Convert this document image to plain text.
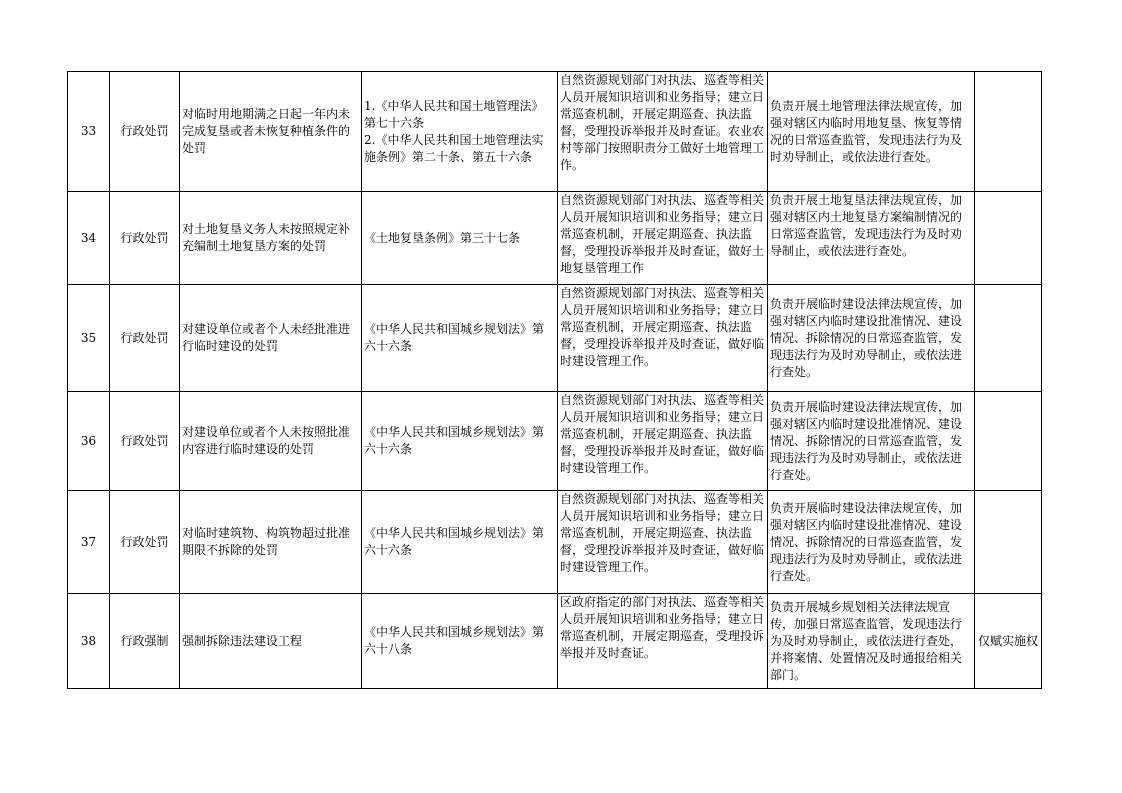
33	行政处罚	对临时用地期满之日起一年内未完成复垦或者未恢复种植条件的处罚	1.《中华人民共和国土地管理法》第七十六条
2.《中华人民共和国土地管理法实施条例》第二十条、第五十六条	自然资源规划部门对执法、巡查等相关人员开展知识培训和业务指导；建立日常巡查机制，开展定期巡查、执法监督，受理投诉举报并及时查证。农业农村等部门按照职责分工做好土地管理工作。	负责开展土地管理法律法规宣传，加强对辖区内临时用地复垦、恢复等情况的日常巡查监管，发现违法行为及时劝导制止，或依法进行查处。	
34	行政处罚	对土地复垦义务人未按照规定补充编制土地复垦方案的处罚	《土地复垦条例》第三十七条	自然资源规划部门对执法、巡查等相关人员开展知识培训和业务指导；建立日常巡查机制，开展定期巡查、执法监督，受理投诉举报并及时查证，做好土地复垦管理工作	负责开展土地复垦法律法规宣传，加强对辖区内土地复垦方案编制情况的日常巡查监管，发现违法行为及时劝导制止，或依法进行查处。	
35	行政处罚	对建设单位或者个人未经批准进行临时建设的处罚	《中华人民共和国城乡规划法》第六十六条	自然资源规划部门对执法、巡查等相关人员开展知识培训和业务指导；建立日常巡查机制，开展定期巡查、执法监督，受理投诉举报并及时查证，做好临时建设管理工作。	负责开展临时建设法律法规宣传，加强对辖区内临时建设批准情况、建设情况、拆除情况的日常巡查监管，发现违法行为及时劝导制止，或依法进行查处。	
36	行政处罚	对建设单位或者个人未按照批准内容进行临时建设的处罚	《中华人民共和国城乡规划法》第六十六条	自然资源规划部门对执法、巡查等相关人员开展知识培训和业务指导；建立日常巡查机制，开展定期巡查、执法监督，受理投诉举报并及时查证，做好临时建设管理工作。	负责开展临时建设法律法规宣传，加强对辖区内临时建设批准情况、建设情况、拆除情况的日常巡查监管，发现违法行为及时劝导制止，或依法进行查处。	
37	行政处罚	对临时建筑物、构筑物超过批准期限不拆除的处罚	《中华人民共和国城乡规划法》第六十六条	自然资源规划部门对执法、巡查等相关人员开展知识培训和业务指导；建立日常巡查机制，开展定期巡查、执法监督，受理投诉举报并及时查证，做好临时建设管理工作。	负责开展临时建设法律法规宣传，加强对辖区内临时建设批准情况、建设情况、拆除情况的日常巡查监管，发现违法行为及时劝导制止，或依法进行查处。	
38	行政强制	强制拆除违法建设工程	《中华人民共和国城乡规划法》第六十八条	区政府指定的部门对执法、巡查等相关人员开展知识培训和业务指导；建立日常巡查机制，开展定期巡查，受理投诉举报并及时查证。	负责开展城乡规划相关法律法规宣传，加强日常巡查监管，发现违法行为及时劝导制止，或依法进行查处，并将案情、处置情况及时通报给相关部门。	仅赋实施权
